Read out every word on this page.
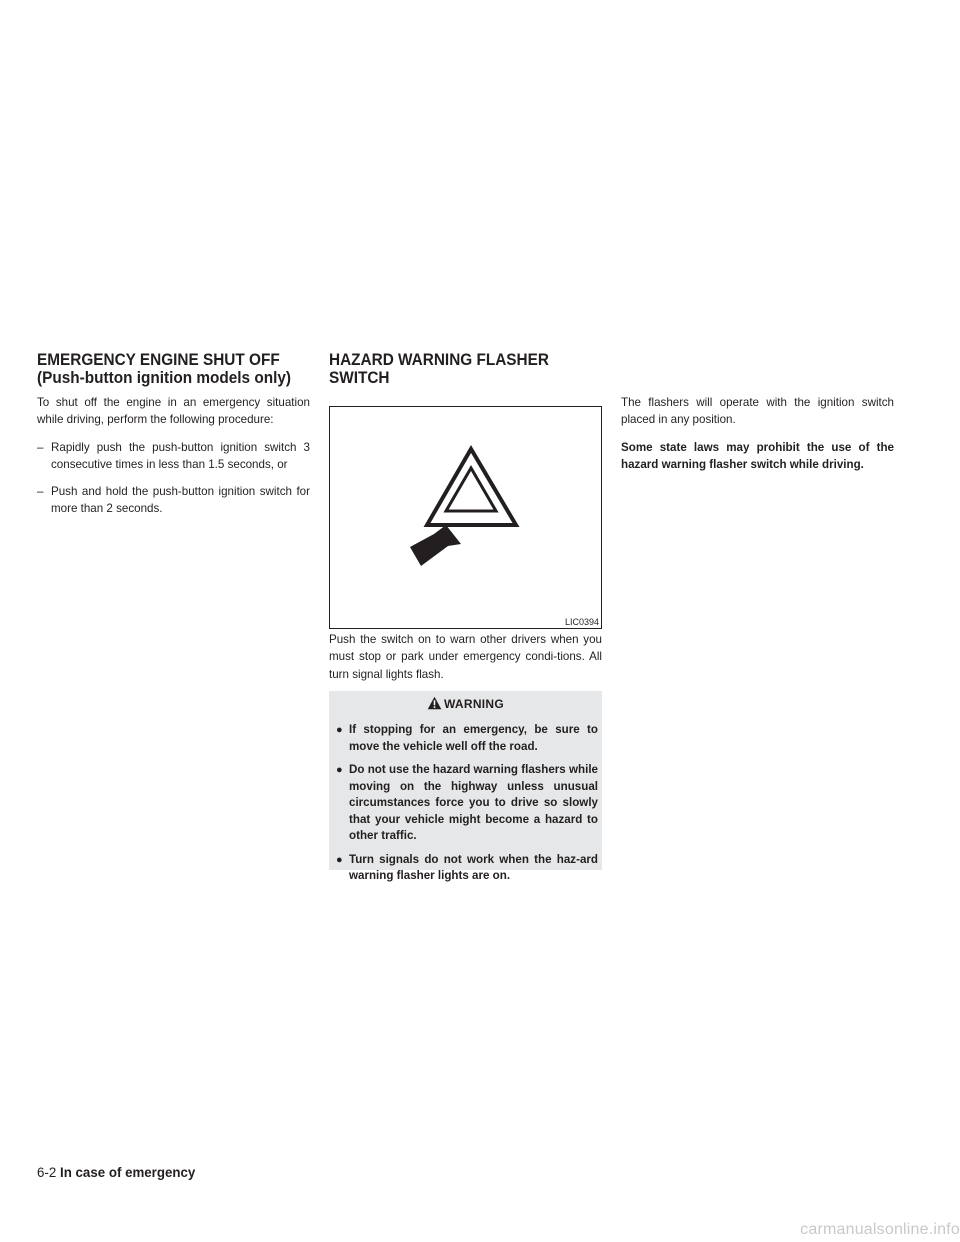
EMERGENCY ENGINE SHUT OFF
(Push-button ignition models only)
HAZARD WARNING FLASHER
SWITCH

To shut off the engine in an emergency situation while driving, perform the following procedure:

– Rapidly push the push-button ignition switch 3 consecutive times in less than 1.5 seconds, or

– Push and hold the push-button ignition switch for more than 2 seconds.

LIC0394

Push the switch on to warn other drivers when you must stop or park under emergency condi-tions. All turn signal lights flash.

WARNING
● If stopping for an emergency, be sure to move the vehicle well off the road.
● Do not use the hazard warning flashers while moving on the highway unless unusual circumstances force you to drive so slowly that your vehicle might become a hazard to other traffic.
● Turn signals do not work when the haz-ard warning flasher lights are on.

The flashers will operate with the ignition switch placed in any position.

Some state laws may prohibit the use of the hazard warning flasher switch while driving.

6-2 In case of emergency
carmanualsonline.info
